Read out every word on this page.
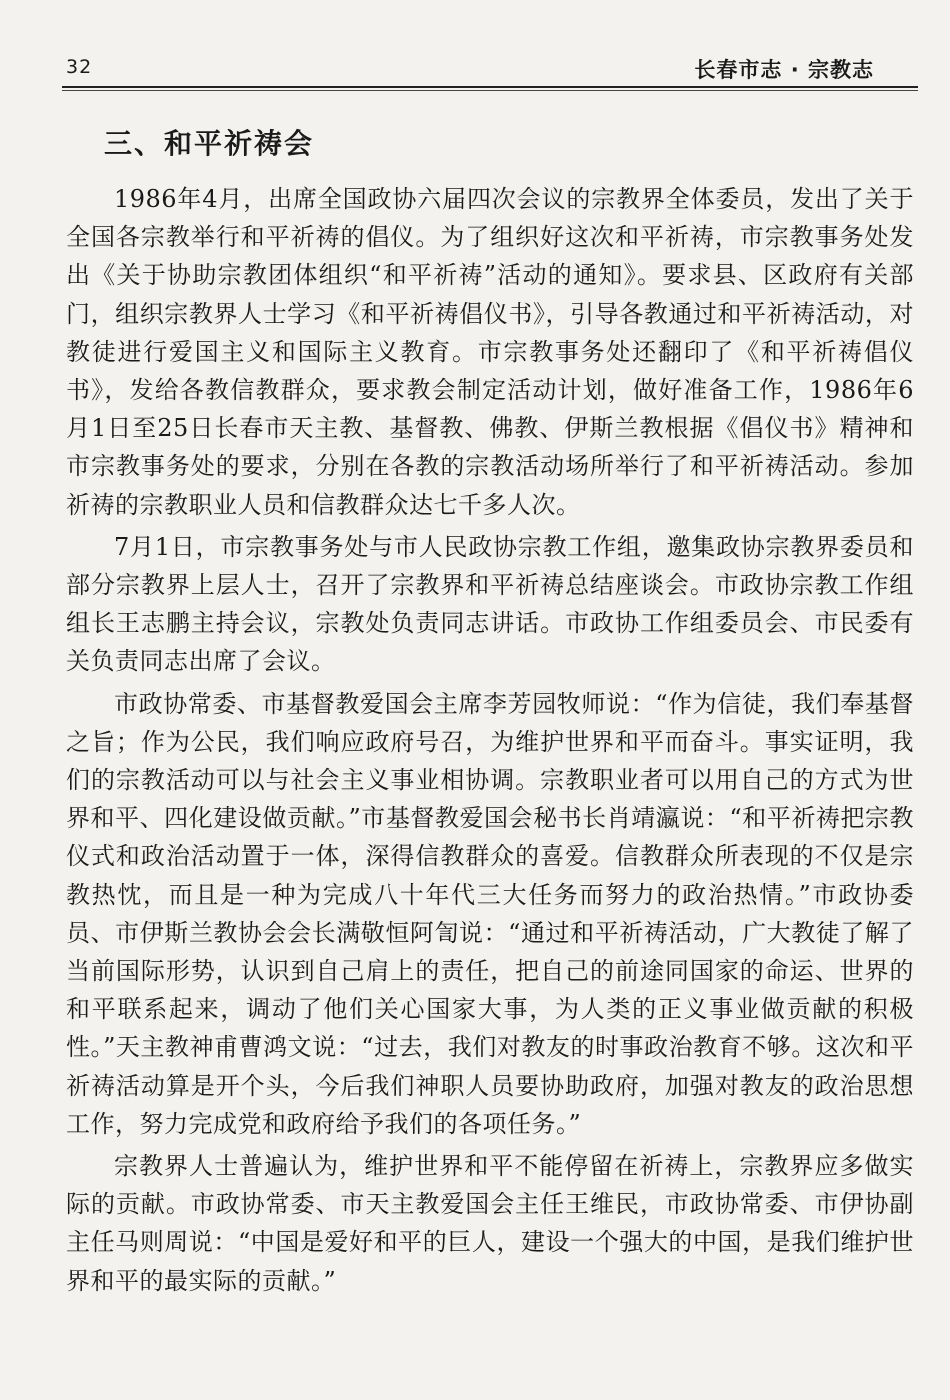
32	长春市志 · 宗教志
三、和平祈祷会

1986年4月，出席全国政协六届四次会议的宗教界全体委员，发出了关于全国各宗教举行和平祈祷的倡仪。为了组织好这次和平祈祷，市宗教事务处发出《关于协助宗教团体组织“和平祈祷”活动的通知》。要求县、区政府有关部门，组织宗教界人士学习《和平祈祷倡仪书》，引导各教通过和平祈祷活动，对教徒进行爱国主义和国际主义教育。市宗教事务处还翻印了《和平祈祷倡仪书》，发给各教信教群众，要求教会制定活动计划，做好准备工作，1986年6月1日至25日长春市天主教、基督教、佛教、伊斯兰教根据《倡仪书》精神和市宗教事务处的要求，分别在各教的宗教活动场所举行了和平祈祷活动。参加祈祷的宗教职业人员和信教群众达七千多人次。

7月1日，市宗教事务处与市人民政协宗教工作组，邀集政协宗教界委员和部分宗教界上层人士，召开了宗教界和平祈祷总结座谈会。市政协宗教工作组组长王志鹏主持会议，宗教处负责同志讲话。市政协工作组委员会、市民委有关负责同志出席了会议。

市政协常委、市基督教爱国会主席李芳园牧师说：“作为信徒，我们奉基督之旨；作为公民，我们响应政府号召，为维护世界和平而奋斗。事实证明，我们的宗教活动可以与社会主义事业相协调。宗教职业者可以用自己的方式为世界和平、四化建设做贡献。”市基督教爱国会秘书长肖靖瀛说：“和平祈祷把宗教仪式和政治活动置于一体，深得信教群众的喜爱。信教群众所表现的不仅是宗教热忱，而且是一种为完成八十年代三大任务而努力的政治热情。”市政协委员、市伊斯兰教协会会长满敬恒阿訇说：“通过和平祈祷活动，广大教徒了解了当前国际形势，认识到自己肩上的责任，把自己的前途同国家的命运、世界的和平联系起来，调动了他们关心国家大事，为人类的正义事业做贡献的积极性。”天主教神甫曹鸿文说：“过去，我们对教友的时事政治教育不够。这次和平祈祷活动算是开个头，今后我们神职人员要协助政府，加强对教友的政治思想工作，努力完成党和政府给予我们的各项任务。”

宗教界人士普遍认为，维护世界和平不能停留在祈祷上，宗教界应多做实际的贡献。市政协常委、市天主教爱国会主任王维民，市政协常委、市伊协副主任马则周说：“中国是爱好和平的巨人，建设一个强大的中国，是我们维护世界和平的最实际的贡献。”
